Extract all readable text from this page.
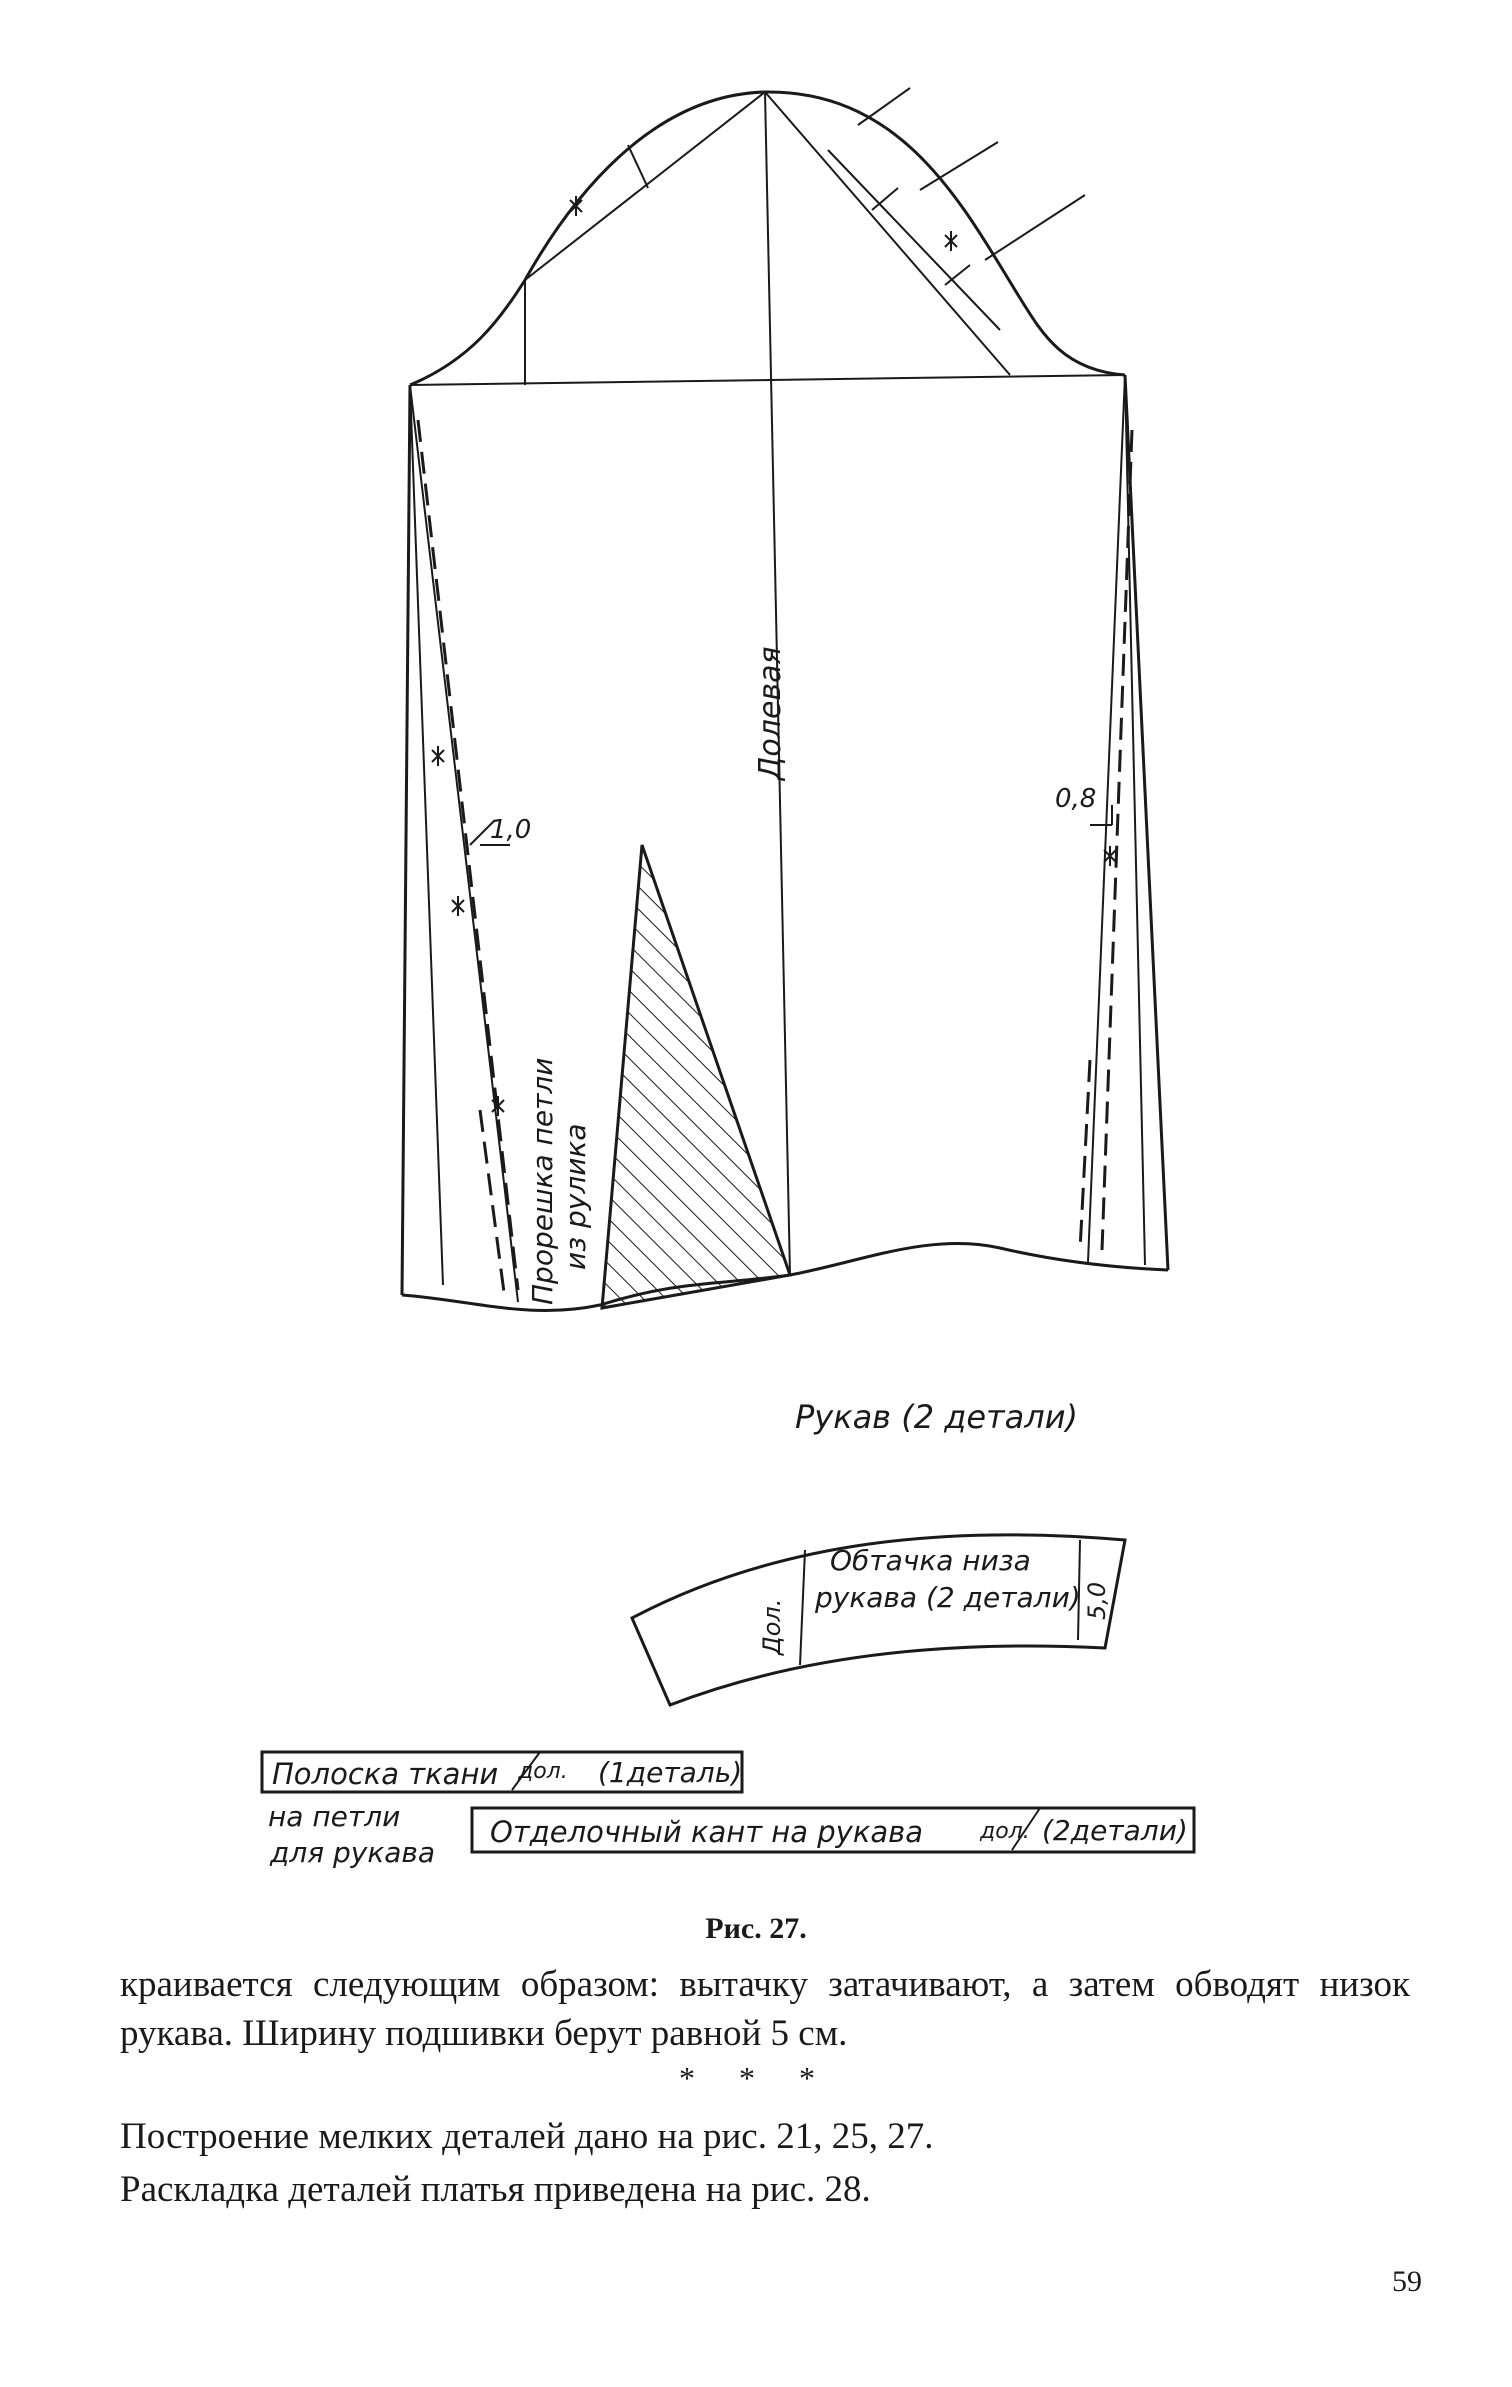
Долевая
1,0
0,8
Прорешка петли из рулика
Рукав (2 детали)
Обтачка низа
рукава (2 детали)
Дол.	5,0
Полоска ткани дол. (1деталь)
на петли
для рукава
Отделочный кант на рукава	дол. (2детали)
Рис. 27.
краивается следующим образом: вытачку затачивают, а затем обводят низок рукава. Ширину подшивки берут равной 5 см.
* * *
Построение мелких деталей дано на рис. 21, 25, 27.
Раскладка деталей платья приведена на рис. 28.
59
